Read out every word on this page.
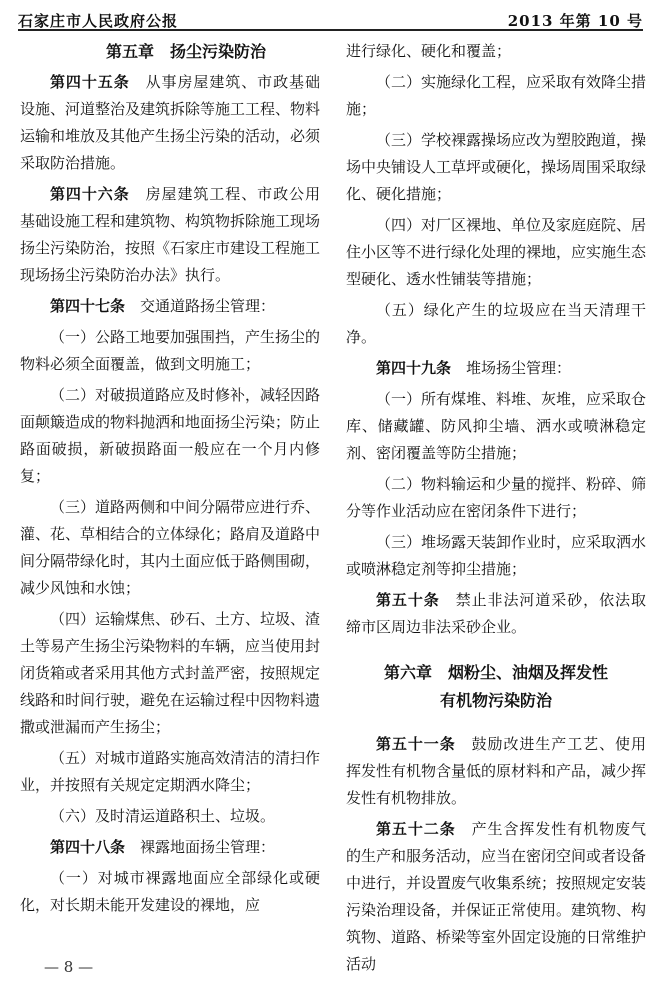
石家庄市人民政府公报	2013 年第 10 号

第五章　扬尘污染防治

第四十五条　 从事房屋建筑、市政基础设施、河道整治及建筑拆除等施工工程、物料运输和堆放及其他产生扬尘污染的活动，必须采取防治措施。

第四十六条　 房屋建筑工程、市政公用基础设施工程和建筑物、构筑物拆除施工现场扬尘污染防治，按照《石家庄市建设工程施工现场扬尘污染防治办法》执行。

第四十七条　 交通道路扬尘管理：

（一）公路工地要加强围挡，产生扬尘的物料必须全面覆盖，做到文明施工；

（二）对破损道路应及时修补，减轻因路面颠簸造成的物料抛洒和地面扬尘污染；防止路面破损，新破损路面一般应在一个月内修复；

（三）道路两侧和中间分隔带应进行乔、灌、花、草相结合的立体绿化；路肩及道路中间分隔带绿化时，其内土面应低于路侧围砌，减少风蚀和水蚀；

（四）运输煤焦、砂石、土方、垃圾、渣土等易产生扬尘污染物料的车辆，应当使用封闭货箱或者采用其他方式封盖严密，按照规定线路和时间行驶，避免在运输过程中因物料遗撒或泄漏而产生扬尘；

（五）对城市道路实施高效清洁的清扫作业，并按照有关规定定期洒水降尘；

（六）及时清运道路积土、垃圾。

第四十八条　 裸露地面扬尘管理：

（一）对城市裸露地面应全部绿化或硬化，对长期未能开发建设的裸地，应

进行绿化、硬化和覆盖；

（二）实施绿化工程，应采取有效降尘措施；

（三）学校裸露操场应改为塑胶跑道，操场中央铺设人工草坪或硬化，操场周围采取绿化、硬化措施；

（四）对厂区裸地、单位及家庭庭院、居住小区等不进行绿化处理的裸地，应实施生态型硬化、透水性铺装等措施；

（五）绿化产生的垃圾应在当天清理干净。

第四十九条　 堆场扬尘管理：

（一）所有煤堆、料堆、灰堆，应采取仓库、储藏罐、防风抑尘墙、洒水或喷淋稳定剂、密闭覆盖等防尘措施；

（二）物料输运和少量的搅拌、粉碎、筛分等作业活动应在密闭条件下进行；

（三）堆场露天装卸作业时，应采取洒水或喷淋稳定剂等抑尘措施；

第五十条　 禁止非法河道采砂，依法取缔市区周边非法采砂企业。

第六章　烟粉尘、油烟及挥发性
有机物污染防治

第五十一条　 鼓励改进生产工艺、使用挥发性有机物含量低的原材料和产品，减少挥发性有机物排放。

第五十二条　 产生含挥发性有机物废气的生产和服务活动，应当在密闭空间或者设备中进行，并设置废气收集系统；按照规定安装污染治理设备，并保证正常使用。建筑物、构筑物、道路、桥梁等室外固定设施的日常维护活动

— 8 —
